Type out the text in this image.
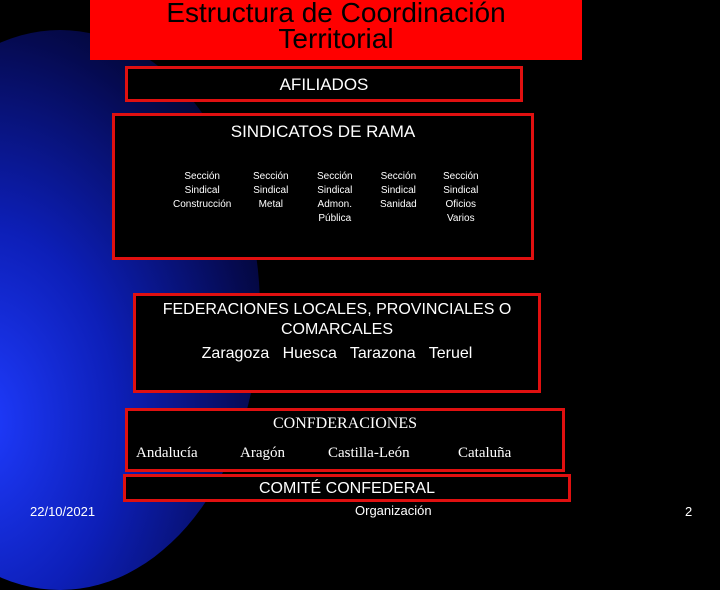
Estructura de Coordinación
Territorial
AFILIADOS
SINDICATOS DE RAMA
Sección
Sindical
Construcción
Sección
Sindical
Metal
Sección
Sindical
Admon.
Pública
Sección
Sindical
Sanidad
Sección
Sindical
Oficios
Varios
FEDERACIONES LOCALES, PROVINCIALES O
COMARCALES
Zaragoza   Huesca   Tarazona   Teruel
CONFDERACIONES
Andalucía	Aragón	Castilla-León	Cataluña
COMITÉ CONFEDERAL
22/10/2021	Organización	2
